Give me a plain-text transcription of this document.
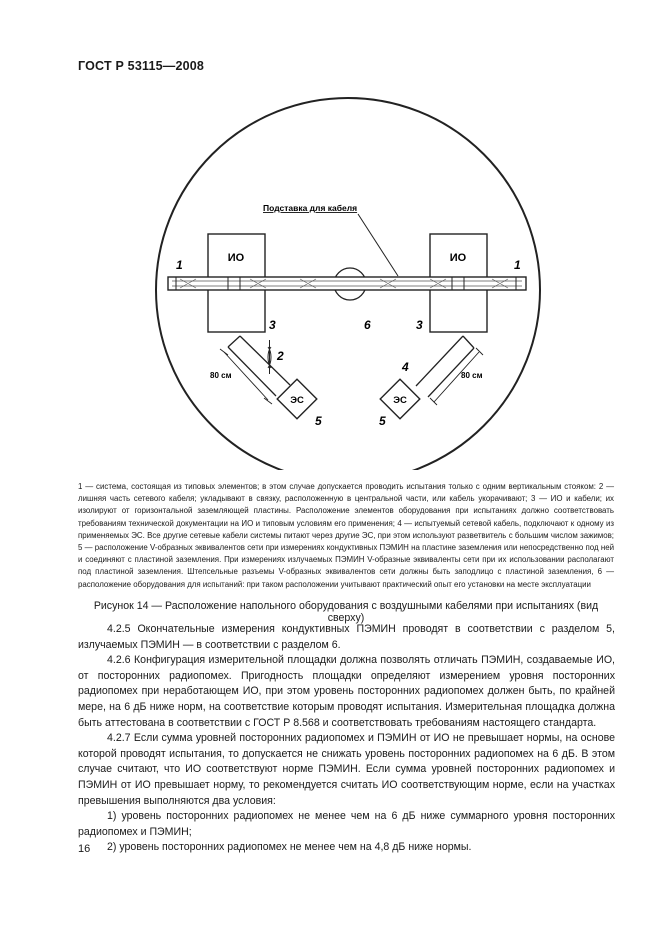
ГОСТ Р 53115—2008
ИО	ИО
Подставка для кабеля
1	1
3	3
6
2
4
5	5
80 см	80 см
ЭС	ЭС

1 — система, состоящая из типовых элементов; в этом случае допускается проводить испытания только с одним вертикальным стояком: 2 — лишняя часть сетевого кабеля; укладывают в связку, расположенную в центральной части, или кабель укорачивают; 3 — ИО и кабели; их изолируют от горизонтальной заземляющей пластины. Расположение элементов оборудования при испытаниях должно соответствовать требованиям технической документации на ИО и типовым условиям его применения; 4 — испытуемый сетевой кабель, подключают к одному из применяемых ЭС. Все другие сетевые кабели системы питают через другие ЭС, при этом используют разветвитель с большим числом зажимов; 5 — расположение V-образных эквивалентов сети при измерениях кондуктивных ПЭМИН на пластине заземления или непосредственно под ней и соединяют с пластиной заземления. При измерениях излучаемых ПЭМИН V-образные эквиваленты сети при их использовании располагают под пластиной заземления. Штепсельные разъемы V-образных эквивалентов сети должны быть заподлицо с пластиной заземления, 6 — расположение оборудования для испытаний: при таком расположении учитывают практический опыт его установки на месте эксплуатации

Рисунок 14 — Расположение напольного оборудования с воздушными кабелями при испытаниях (вид сверху)

4.2.5 Окончательные измерения кондуктивных ПЭМИН проводят в соответствии с разделом 5, излучаемых ПЭМИН — в соответствии с разделом 6.

4.2.6 Конфигурация измерительной площадки должна позволять отличать ПЭМИН, создаваемые ИО, от посторонних радиопомех. Пригодность площадки определяют измерением уровня посторонних радиопомех при неработающем ИО, при этом уровень посторонних радиопомех должен быть, по крайней мере, на 6 дБ ниже норм, на соответствие которым проводят испытания. Измерительная площадка должна быть аттестована в соответствии с ГОСТ Р 8.568 и соответствовать требованиям настоящего стандарта.

4.2.7 Если сумма уровней посторонних радиопомех и ПЭМИН от ИО не превышает нормы, на основе которой проводят испытания, то допускается не снижать уровень посторонних радиопомех на 6 дБ. В этом случае считают, что ИО соответствуют норме ПЭМИН. Если сумма уровней посторонних радиопомех и ПЭМИН от ИО превышает норму, то рекомендуется считать ИО соответствующим норме, если на участках превышения выполняются два условия:

1) уровень посторонних радиопомех не менее чем на 6 дБ ниже суммарного уровня посторонних радиопомех и ПЭМИН;

2) уровень посторонних радиопомех не менее чем на 4,8 дБ ниже нормы.

16
